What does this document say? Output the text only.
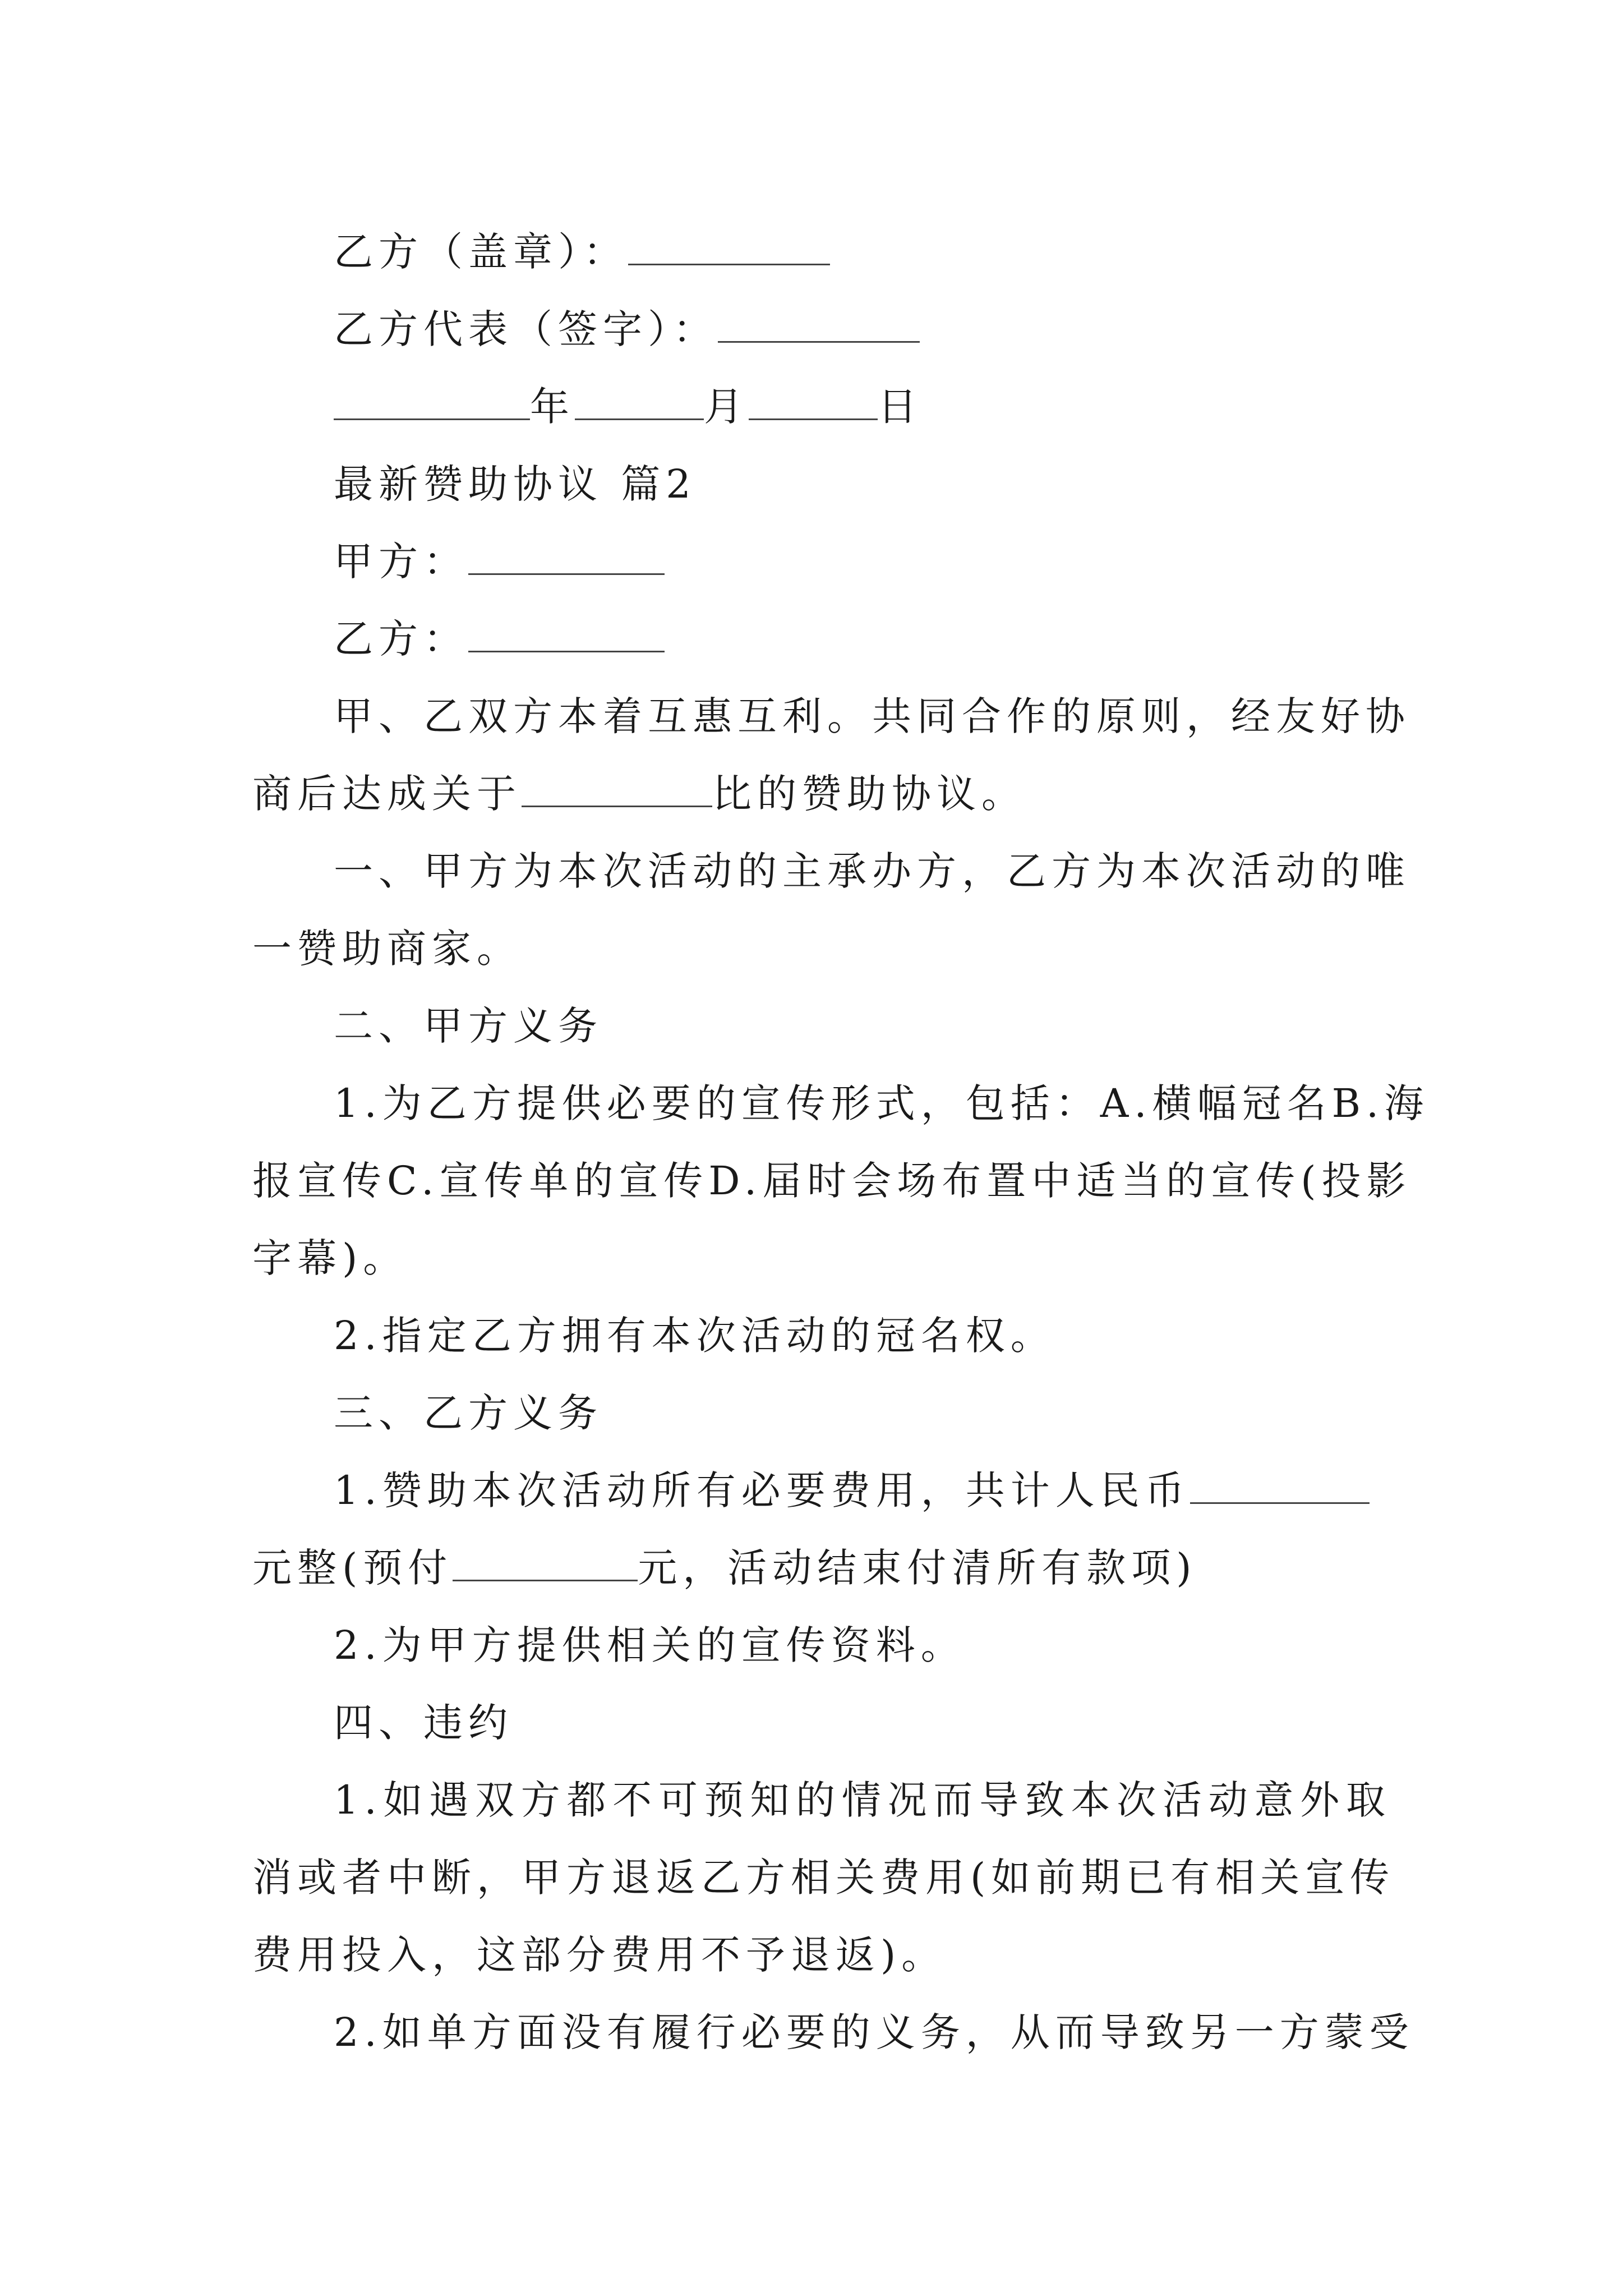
乙方（盖章）：
乙方代表（签字）：
年	月	日
最新赞助协议 篇2
甲方：
乙方：
甲、乙双方本着互惠互利。共同合作的原则，经友好协
商后达成关于	比的赞助协议。
一、甲方为本次活动的主承办方，乙方为本次活动的唯
一赞助商家。
二、甲方义务
1.为乙方提供必要的宣传形式，包括：A.横幅冠名B.海
报宣传C.宣传单的宣传D.届时会场布置中适当的宣传(投影
字幕)。
2.指定乙方拥有本次活动的冠名权。
三、乙方义务
1.赞助本次活动所有必要费用，共计人民币
元整(预付	元，活动结束付清所有款项)
2.为甲方提供相关的宣传资料。
四、违约
1.如遇双方都不可预知的情况而导致本次活动意外取
消或者中断，甲方退返乙方相关费用(如前期已有相关宣传
费用投入，这部分费用不予退返)。
2.如单方面没有履行必要的义务，从而导致另一方蒙受
